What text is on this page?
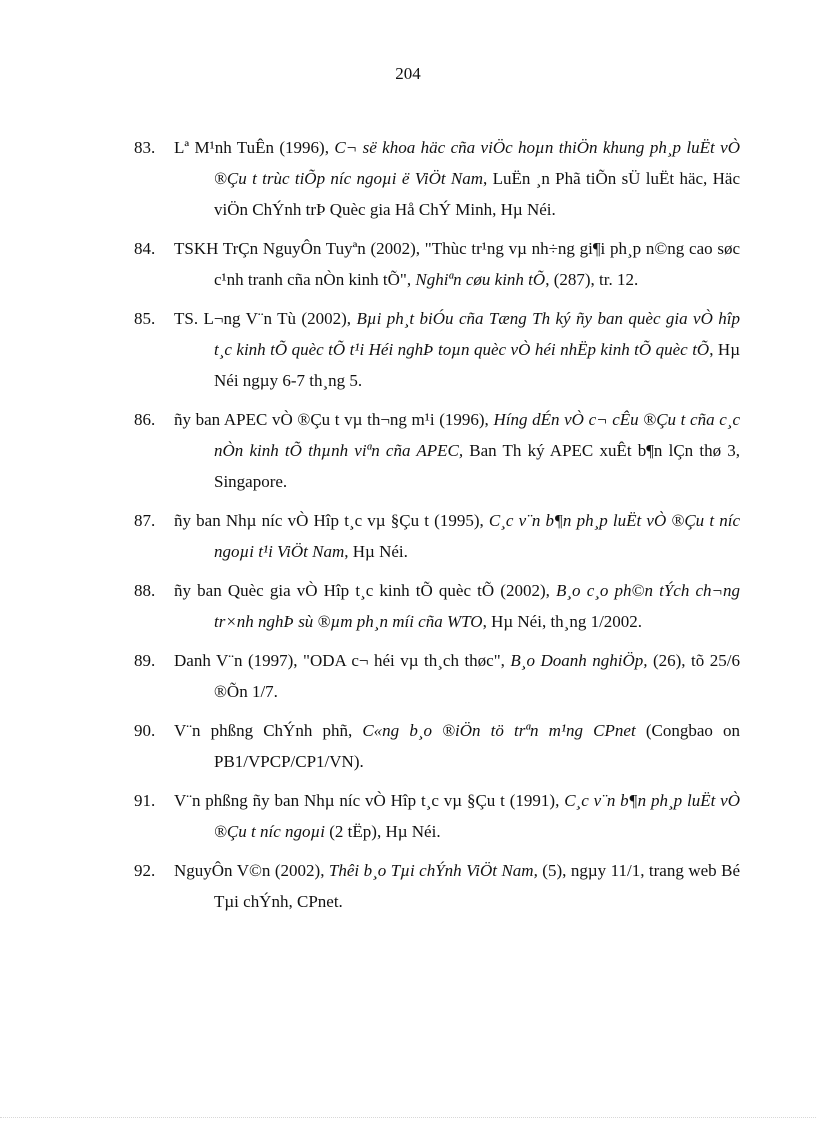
204
83. Lª M¹nh TuÊn (1996), C¬ së khoa häc cña viÖc hoµn thiÖn khung ph¸p luËt vÒ ®Çu t trùc tiÕp níc ngoµi ë ViÖt Nam, LuËn ¸n Phã tiÕn sÜ luËt häc, Häc viÖn ChÝnh trÞ Quèc gia Hå ChÝ Minh, Hµ Néi.
84. TSKH TrÇn NguyÔn Tuyªn (2002), "Thùc tr¹ng vµ nh÷ng gi¶i ph¸p n©ng cao søc c¹nh tranh cña nÒn kinh tÕ", Nghiªn cøu kinh tÕ, (287), tr. 12.
85. TS. L¬ng V¨n Tù (2002), Bµi ph¸t biÓu cña Tæng Th ký ñy ban quèc gia vÒ hîp t¸c kinh tÕ quèc tÕ t¹i Héi nghÞ toµn quèc vÒ héi nhËp kinh tÕ quèc tÕ, Hµ Néi ngµy 6-7 th¸ng 5.
86. ñy ban APEC vÒ ®Çu t vµ th¬ng m¹i (1996), Híng dÉn vÒ c¬ cÊu ®Çu t cña c¸c nÒn kinh tÕ thµnh viªn cña APEC, Ban Th ký APEC xuÊt b¶n lÇn thø 3, Singapore.
87. ñy ban Nhµ níc vÒ Hîp t¸c vµ §Çu t (1995), C¸c v¨n b¶n ph¸p luËt vÒ ®Çu t níc ngoµi t¹i ViÖt Nam, Hµ Néi.
88. ñy ban Quèc gia vÒ Hîp t¸c kinh tÕ quèc tÕ (2002), B¸o c¸o ph©n tÝch ch¬ng tr×nh nghÞ sù ®µm ph¸n míi cña WTO, Hµ Néi, th¸ng 1/2002.
89. Danh V¨n (1997), "ODA c¬ héi vµ th¸ch thøc", B¸o Doanh nghiÖp, (26), tõ 25/6 ®Õn 1/7.
90. V¨n phßng ChÝnh phñ, C«ng b¸o ®iÖn tö trªn m¹ng CPnet (Congbao on PB1/VPCP/CP1/VN).
91. V¨n phßng ñy ban Nhµ níc vÒ Hîp t¸c vµ §Çu t (1991), C¸c v¨n b¶n ph¸p luËt vÒ ®Çu t níc ngoµi (2 tËp), Hµ Néi.
92. NguyÔn V©n (2002), Thêi b¸o Tµi chÝnh ViÖt Nam, (5), ngµy 11/1, trang web Bé Tµi chÝnh, CPnet.
